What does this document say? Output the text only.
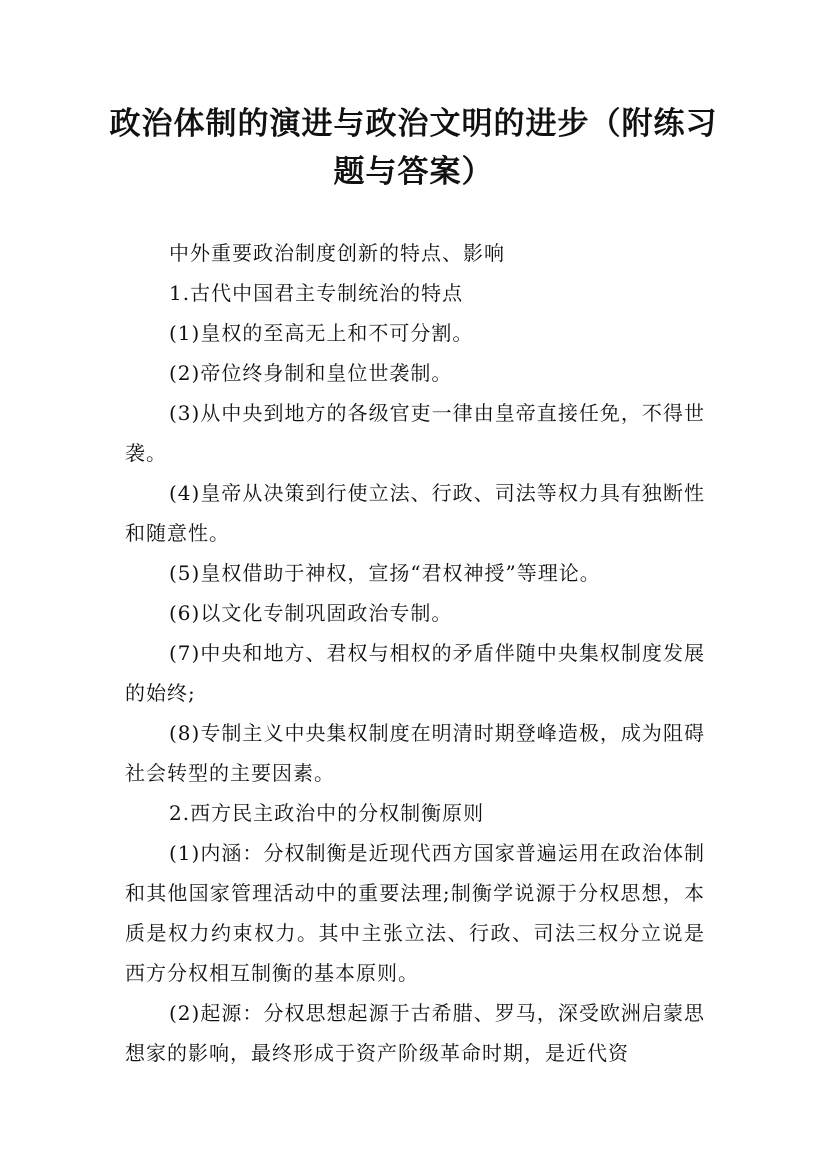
政治体制的演进与政治文明的进步（附练习题与答案）

中外重要政治制度创新的特点、影响

1.古代中国君主专制统治的特点

(1)皇权的至高无上和不可分割。

(2)帝位终身制和皇位世袭制。

(3)从中央到地方的各级官吏一律由皇帝直接任免，不得世袭。

(4)皇帝从决策到行使立法、行政、司法等权力具有独断性和随意性。

(5)皇权借助于神权，宣扬“君权神授”等理论。

(6)以文化专制巩固政治专制。

(7)中央和地方、君权与相权的矛盾伴随中央集权制度发展的始终;

(8)专制主义中央集权制度在明清时期登峰造极，成为阻碍社会转型的主要因素。

2.西方民主政治中的分权制衡原则

(1)内涵：分权制衡是近现代西方国家普遍运用在政治体制和其他国家管理活动中的重要法理;制衡学说源于分权思想，本质是权力约束权力。其中主张立法、行政、司法三权分立说是西方分权相互制衡的基本原则。

(2)起源：分权思想起源于古希腊、罗马，深受欧洲启蒙思想家的影响，最终形成于资产阶级革命时期，是近代资
